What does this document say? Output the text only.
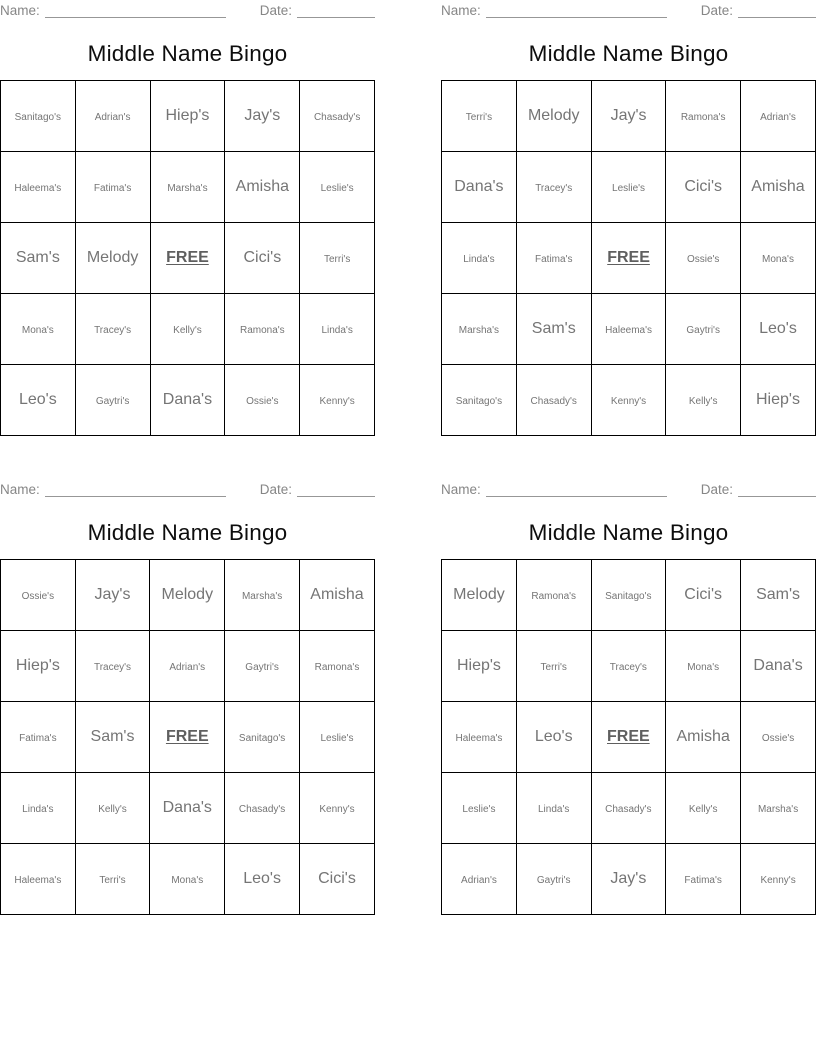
Name:	Date:
Middle Name Bingo
Sanitago's	Adrian's	Hiep's	Jay's	Chasady's
Haleema's	Fatima's	Marsha's	Amisha	Leslie's
Sam's	Melody	FREE	Cici's	Terri's
Mona's	Tracey's	Kelly's	Ramona's	Linda's
Leo's	Gaytri's	Dana's	Ossie's	Kenny's
Name:	Date:
Middle Name Bingo
Terri's	Melody	Jay's	Ramona's	Adrian's
Dana's	Tracey's	Leslie's	Cici's	Amisha
Linda's	Fatima's	FREE	Ossie's	Mona's
Marsha's	Sam's	Haleema's	Gaytri's	Leo's
Sanitago's	Chasady's	Kenny's	Kelly's	Hiep's
Name:	Date:
Middle Name Bingo
Ossie's	Jay's	Melody	Marsha's	Amisha
Hiep's	Tracey's	Adrian's	Gaytri's	Ramona's
Fatima's	Sam's	FREE	Sanitago's	Leslie's
Linda's	Kelly's	Dana's	Chasady's	Kenny's
Haleema's	Terri's	Mona's	Leo's	Cici's
Name:	Date:
Middle Name Bingo
Melody	Ramona's	Sanitago's	Cici's	Sam's
Hiep's	Terri's	Tracey's	Mona's	Dana's
Haleema's	Leo's	FREE	Amisha	Ossie's
Leslie's	Linda's	Chasady's	Kelly's	Marsha's
Adrian's	Gaytri's	Jay's	Fatima's	Kenny's
